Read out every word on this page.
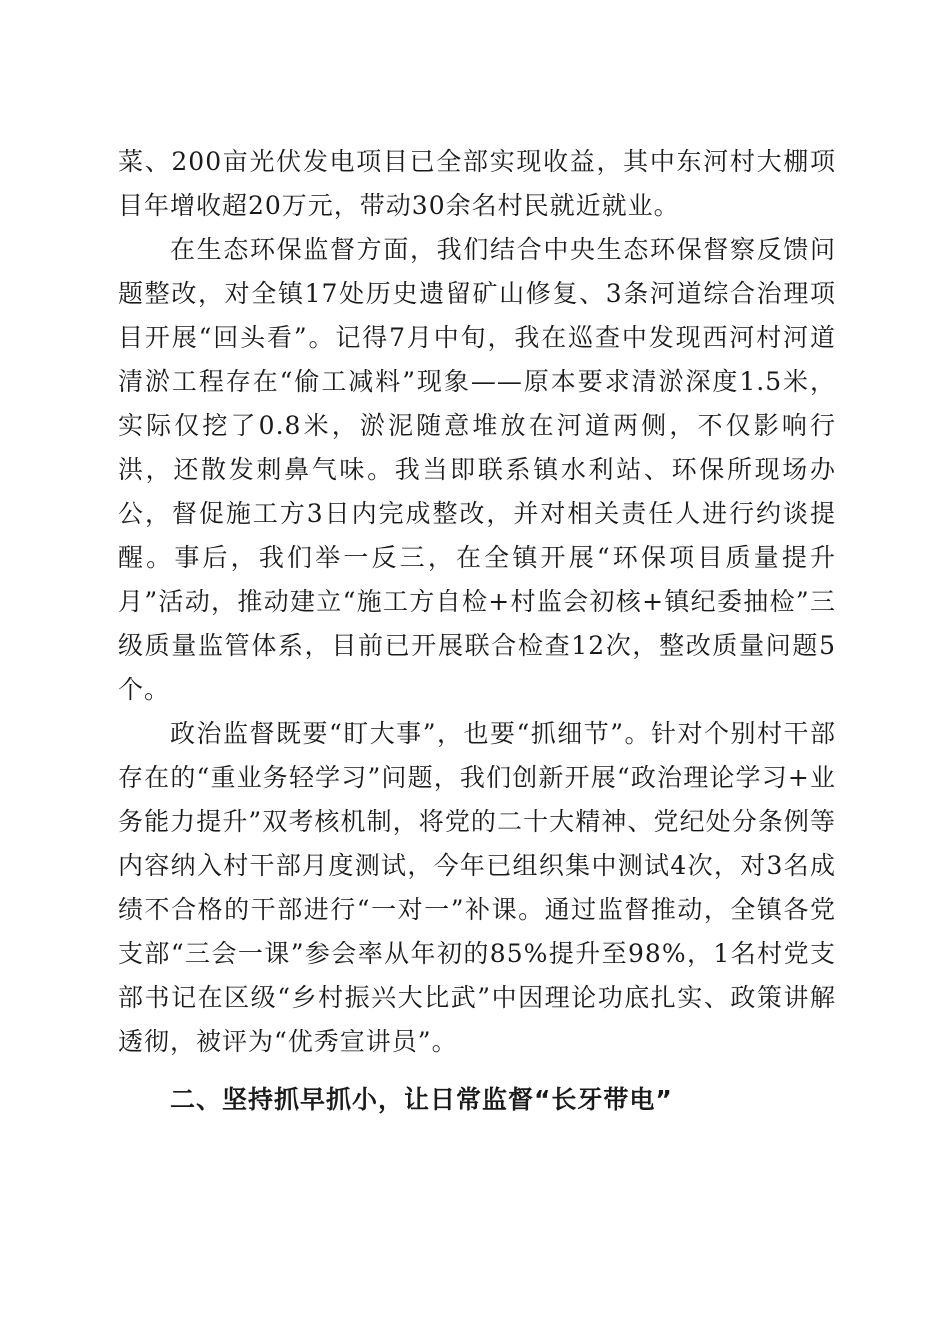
菜、200亩光伏发电项目已全部实现收益，其中东河村大棚项目年增收超20万元，带动30余名村民就近就业。

在生态环保监督方面，我们结合中央生态环保督察反馈问题整改，对全镇17处历史遗留矿山修复、3条河道综合治理项目开展“回头看”。记得7月中旬，我在巡查中发现西河村河道清淤工程存在“偷工减料”现象——原本要求清淤深度1.5米，实际仅挖了0.8米，淤泥随意堆放在河道两侧，不仅影响行洪，还散发刺鼻气味。我当即联系镇水利站、环保所现场办公，督促施工方3日内完成整改，并对相关责任人进行约谈提醒。事后，我们举一反三，在全镇开展“环保项目质量提升月”活动，推动建立“施工方自检+村监会初核+镇纪委抽检”三级质量监管体系，目前已开展联合检查12次，整改质量问题5个。

政治监督既要“盯大事”，也要“抓细节”。针对个别村干部存在的“重业务轻学习”问题，我们创新开展“政治理论学习+业务能力提升”双考核机制，将党的二十大精神、党纪处分条例等内容纳入村干部月度测试，今年已组织集中测试4次，对3名成绩不合格的干部进行“一对一”补课。通过监督推动，全镇各党支部“三会一课”参会率从年初的85%提升至98%，1名村党支部书记在区级“乡村振兴大比武”中因理论功底扎实、政策讲解透彻，被评为“优秀宣讲员”。

二、坚持抓早抓小，让日常监督“长牙带电”
